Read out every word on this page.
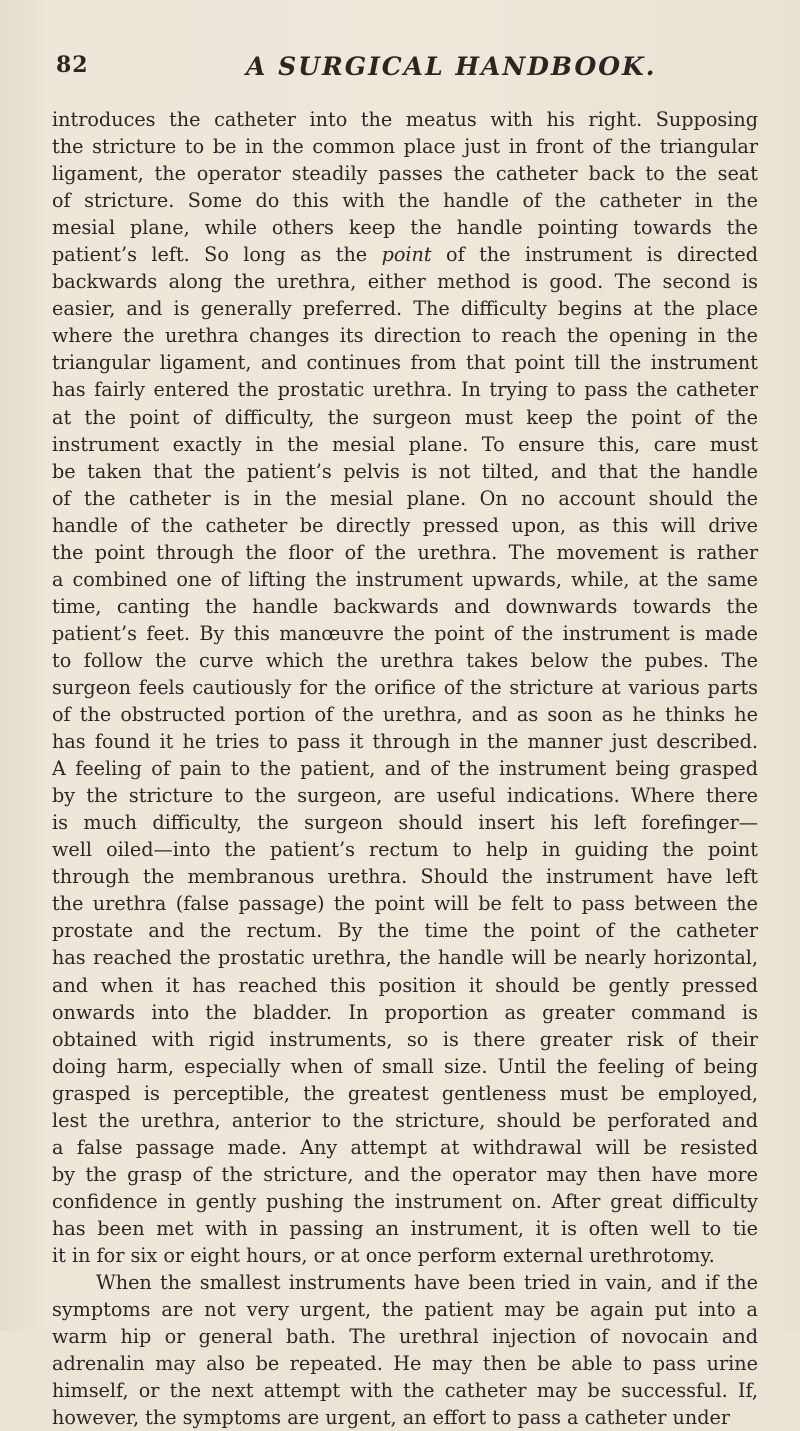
82	A SURGICAL HANDBOOK.
introduces the catheter into the meatus with his right. Supposing
the stricture to be in the common place just in front of the triangular
ligament, the operator steadily passes the catheter back to the seat
of stricture. Some do this with the handle of the catheter in the
mesial plane, while others keep the handle pointing towards the
patient’s left. So long as the point of the instrument is directed
backwards along the urethra, either method is good. The second is
easier, and is generally preferred. The difficulty begins at the place
where the urethra changes its direction to reach the opening in the
triangular ligament, and continues from that point till the instrument
has fairly entered the prostatic urethra. In trying to pass the catheter
at the point of difficulty, the surgeon must keep the point of the
instrument exactly in the mesial plane. To ensure this, care must
be taken that the patient’s pelvis is not tilted, and that the handle
of the catheter is in the mesial plane. On no account should the
handle of the catheter be directly pressed upon, as this will drive
the point through the floor of the urethra. The movement is rather
a combined one of lifting the instrument upwards, while, at the same
time, canting the handle backwards and downwards towards the
patient’s feet. By this manœuvre the point of the instrument is made
to follow the curve which the urethra takes below the pubes. The
surgeon feels cautiously for the orifice of the stricture at various parts
of the obstructed portion of the urethra, and as soon as he thinks he
has found it he tries to pass it through in the manner just described.
A feeling of pain to the patient, and of the instrument being grasped
by the stricture to the surgeon, are useful indications. Where there
is much difficulty, the surgeon should insert his left forefinger—
well oiled—into the patient’s rectum to help in guiding the point
through the membranous urethra. Should the instrument have left
the urethra (false passage) the point will be felt to pass between the
prostate and the rectum. By the time the point of the catheter
has reached the prostatic urethra, the handle will be nearly horizontal,
and when it has reached this position it should be gently pressed
onwards into the bladder. In proportion as greater command is
obtained with rigid instruments, so is there greater risk of their
doing harm, especially when of small size. Until the feeling of being
grasped is perceptible, the greatest gentleness must be employed,
lest the urethra, anterior to the stricture, should be perforated and
a false passage made. Any attempt at withdrawal will be resisted
by the grasp of the stricture, and the operator may then have more
confidence in gently pushing the instrument on. After great difficulty
has been met with in passing an instrument, it is often well to tie
it in for six or eight hours, or at once perform external urethrotomy.
When the smallest instruments have been tried in vain, and if the
symptoms are not very urgent, the patient may be again put into a
warm hip or general bath. The urethral injection of novocain and
adrenalin may also be repeated. He may then be able to pass urine
himself, or the next attempt with the catheter may be successful. If,
however, the symptoms are urgent, an effort to pass a catheter under
